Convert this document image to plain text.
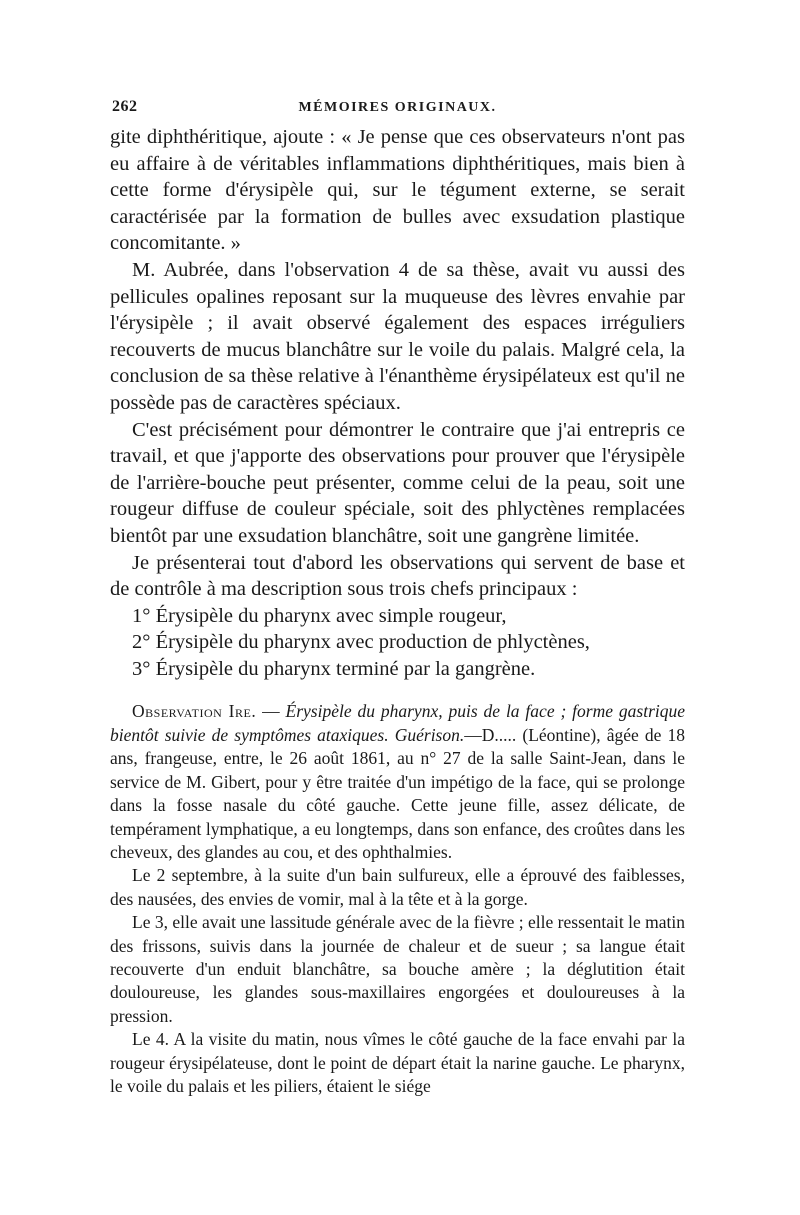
262	MÉMOIRES ORIGINAUX.

gite diphthéritique, ajoute : « Je pense que ces observateurs n'ont pas eu affaire à de véritables inflammations diphthéritiques, mais bien à cette forme d'érysipèle qui, sur le tégument externe, se serait caractérisée par la formation de bulles avec exsudation plastique concomitante. »

M. Aubrée, dans l'observation 4 de sa thèse, avait vu aussi des pellicules opalines reposant sur la muqueuse des lèvres envahie par l'érysipèle ; il avait observé également des espaces irréguliers recouverts de mucus blanchâtre sur le voile du palais. Malgré cela, la conclusion de sa thèse relative à l'énanthème érysipélateux est qu'il ne possède pas de caractères spéciaux.

C'est précisément pour démontrer le contraire que j'ai entrepris ce travail, et que j'apporte des observations pour prouver que l'érysipèle de l'arrière-bouche peut présenter, comme celui de la peau, soit une rougeur diffuse de couleur spéciale, soit des phlyctènes remplacées bientôt par une exsudation blanchâtre, soit une gangrène limitée.

Je présenterai tout d'abord les observations qui servent de base et de contrôle à ma description sous trois chefs principaux :

1° Érysipèle du pharynx avec simple rougeur,

2° Érysipèle du pharynx avec production de phlyctènes,

3° Érysipèle du pharynx terminé par la gangrène.

Observation Ire. — Érysipèle du pharynx, puis de la face ; forme gastrique bientôt suivie de symptômes ataxiques. Guérison.—D..... (Léontine), âgée de 18 ans, frangeuse, entre, le 26 août 1861, au n° 27 de la salle Saint-Jean, dans le service de M. Gibert, pour y être traitée d'un impétigo de la face, qui se prolonge dans la fosse nasale du côté gauche. Cette jeune fille, assez délicate, de tempérament lymphatique, a eu longtemps, dans son enfance, des croûtes dans les cheveux, des glandes au cou, et des ophthalmies.

Le 2 septembre, à la suite d'un bain sulfureux, elle a éprouvé des faiblesses, des nausées, des envies de vomir, mal à la tête et à la gorge.

Le 3, elle avait une lassitude générale avec de la fièvre ; elle ressentait le matin des frissons, suivis dans la journée de chaleur et de sueur ; sa langue était recouverte d'un enduit blanchâtre, sa bouche amère ; la déglutition était douloureuse, les glandes sous-maxillaires engorgées et douloureuses à la pression.

Le 4. A la visite du matin, nous vîmes le côté gauche de la face envahi par la rougeur érysipélateuse, dont le point de départ était la narine gauche. Le pharynx, le voile du palais et les piliers, étaient le siége
